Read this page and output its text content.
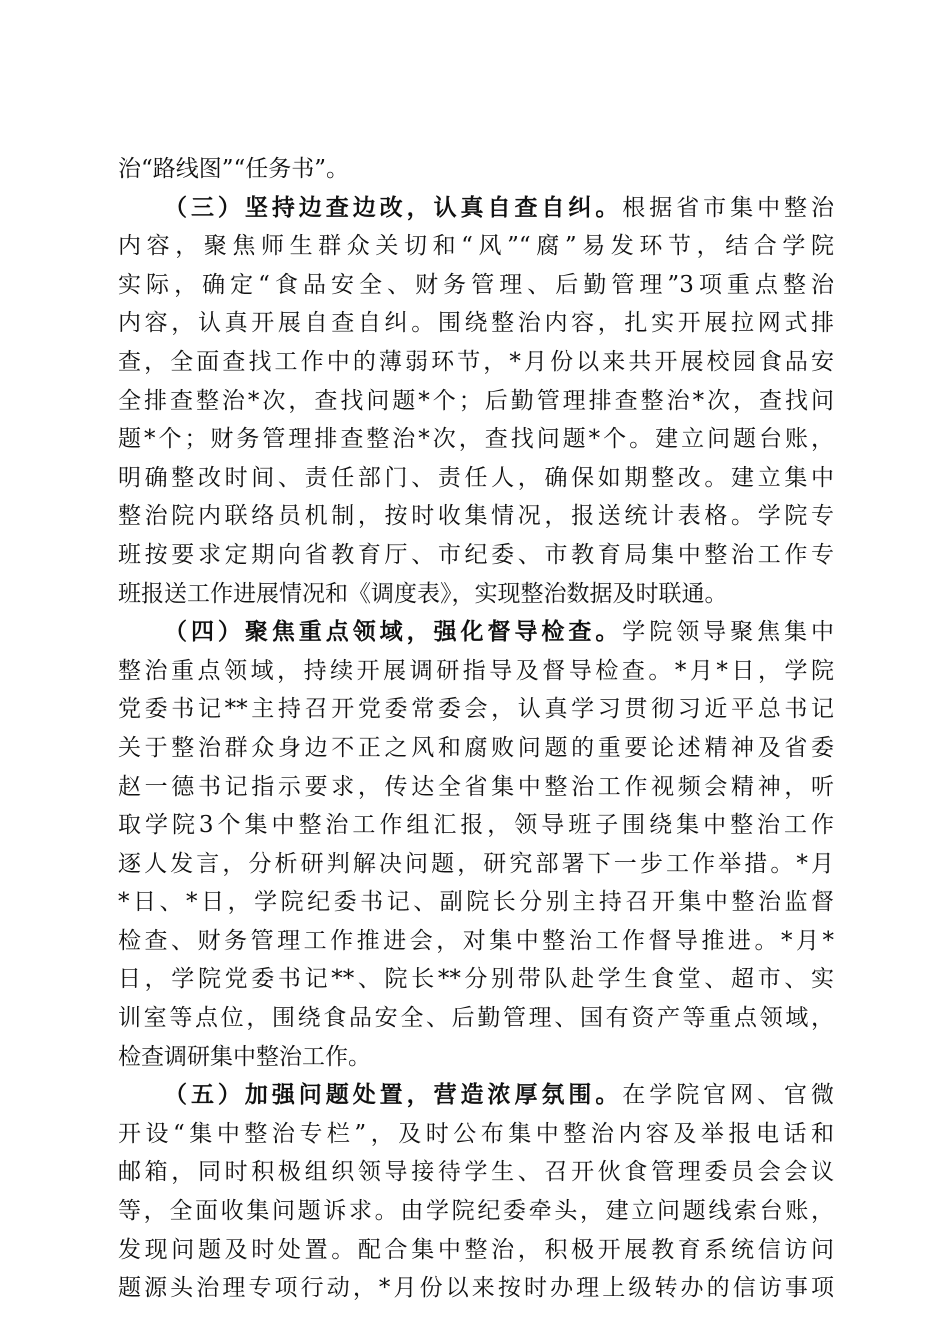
治“路线图”“任务书”。
（三）坚持边查边改，认真自查自纠。根据省市集中整治
内容，聚焦师生群众关切和“风”“腐”易发环节，结合学院
实际，确定“食品安全、财务管理、后勤管理”3项重点整治
内容，认真开展自查自纠。围绕整治内容，扎实开展拉网式排
查，全面查找工作中的薄弱环节，*月份以来共开展校园食品安
全排查整治*次，查找问题*个；后勤管理排查整治*次，查找问
题*个；财务管理排查整治*次，查找问题*个。建立问题台账，
明确整改时间、责任部门、责任人，确保如期整改。建立集中
整治院内联络员机制，按时收集情况，报送统计表格。学院专
班按要求定期向省教育厅、市纪委、市教育局集中整治工作专
班报送工作进展情况和《调度表》，实现整治数据及时联通。
（四）聚焦重点领域，强化督导检查。学院领导聚焦集中
整治重点领域，持续开展调研指导及督导检查。*月*日，学院
党委书记**主持召开党委常委会，认真学习贯彻习近平总书记
关于整治群众身边不正之风和腐败问题的重要论述精神及省委
赵一德书记指示要求，传达全省集中整治工作视频会精神，听
取学院3个集中整治工作组汇报，领导班子围绕集中整治工作
逐人发言，分析研判解决问题，研究部署下一步工作举措。*月
*日、*日，学院纪委书记、副院长分别主持召开集中整治监督
检查、财务管理工作推进会，对集中整治工作督导推进。*月*
日，学院党委书记**、院长**分别带队赴学生食堂、超市、实
训室等点位，围绕食品安全、后勤管理、国有资产等重点领域，
检查调研集中整治工作。
（五）加强问题处置，营造浓厚氛围。在学院官网、官微
开设“集中整治专栏”，及时公布集中整治内容及举报电话和
邮箱，同时积极组织领导接待学生、召开伙食管理委员会会议
等，全面收集问题诉求。由学院纪委牵头，建立问题线索台账，
发现问题及时处置。配合集中整治，积极开展教育系统信访问
题源头治理专项行动，*月份以来按时办理上级转办的信访事项
